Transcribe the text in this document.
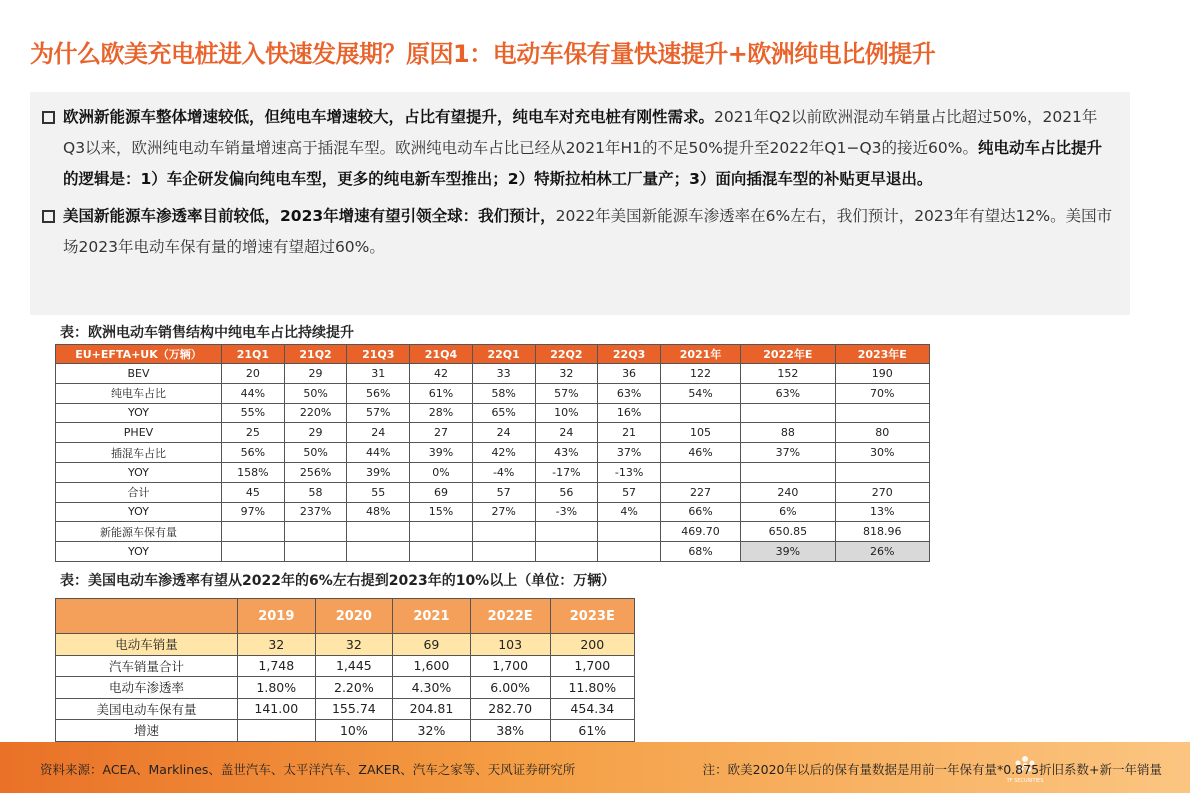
为什么欧美充电桩进入快速发展期？原因1：电动车保有量快速提升+欧洲纯电比例提升
欧洲新能源车整体增速较低，但纯电车增速较大，占比有望提升，纯电车对充电桩有刚性需求。2021年Q2以前欧洲混动车销量占比超过50%，2021年Q3以来，欧洲纯电动车销量增速高于插混车型。欧洲纯电动车占比已经从2021年H1的不足50%提升至2022年Q1−Q3的接近60%。纯电动车占比提升的逻辑是：1）车企研发偏向纯电车型，更多的纯电新车型推出；2）特斯拉柏林工厂量产；3）面向插混车型的补贴更早退出。
美国新能源车渗透率目前较低，2023年增速有望引领全球：我们预计，2022年美国新能源车渗透率在6%左右，我们预计，2023年有望达12%。美国市场2023年电动车保有量的增速有望超过60%。
表：欧洲电动车销售结构中纯电车占比持续提升
EU+EFTA+UK（万辆）	21Q1	21Q2	21Q3	21Q4	22Q1	22Q2	22Q3	2021年	2022年E	2023年E
BEV	20	29	31	42	33	32	36	122	152	190
纯电车占比	44%	50%	56%	61%	58%	57%	63%	54%	63%	70%
YOY	55%	220%	57%	28%	65%	10%	16%			
PHEV	25	29	24	27	24	24	21	105	88	80
插混车占比	56%	50%	44%	39%	42%	43%	37%	46%	37%	30%
YOY	158%	256%	39%	0%	-4%	-17%	-13%			
合计	45	58	55	69	57	56	57	227	240	270
YOY	97%	237%	48%	15%	27%	-3%	4%	66%	6%	13%
新能源车保有量								469.70	650.85	818.96
YOY								68%	39%	26%
表：美国电动车渗透率有望从2022年的6%左右提到2023年的10%以上（单位：万辆）
	2019	2020	2021	2022E	2023E
电动车销量	32	32	69	103	200
汽车销量合计	1,748	1,445	1,600	1,700	1,700
电动车渗透率	1.80%	2.20%	4.30%	6.00%	11.80%
美国电动车保有量	141.00	155.74	204.81	282.70	454.34
增速		10%	32%	38%	61%
资料来源：ACEA、Marklines、盖世汽车、太平洋汽车、ZAKER、汽车之家等、天风证券研究所
TF SECURITIES
注：欧美2020年以后的保有量数据是用前一年保有量*0.875折旧系数+新一年销量
